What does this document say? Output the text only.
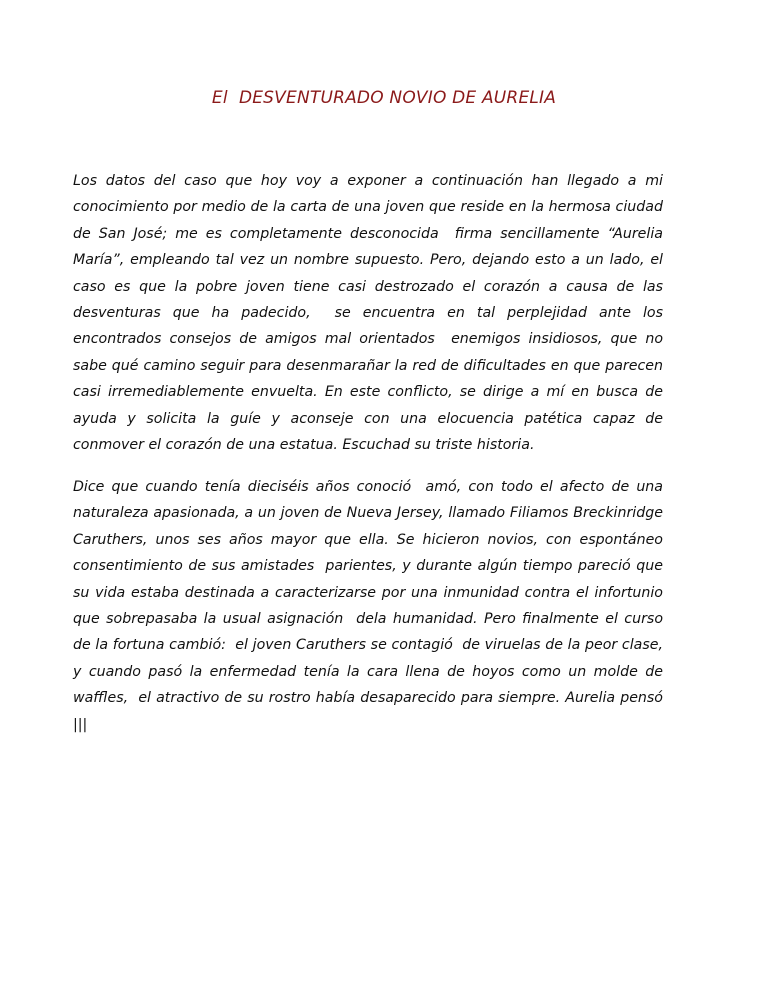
El  DESVENTURADO NOVIO DE AURELIA

Los datos del caso que hoy voy a exponer a continuación han llegado a mi conocimiento por medio de la carta de una joven que reside en la hermosa ciudad de San José; me es completamente desconocida  firma sencillamente “Aurelia María”, empleando tal vez un nombre supuesto. Pero, dejando esto a un lado, el caso es que la pobre joven tiene casi destrozado el corazón a causa de las desventuras que ha padecido,  se encuentra en tal perplejidad ante los encontrados consejos de amigos mal orientados  enemigos insidiosos, que no sabe qué camino seguir para desenmarañar la red de dificultades en que parecen casi irremediablemente envuelta. En este conflicto, se dirige a mí en busca de ayuda y solicita la guíe y aconseje con una elocuencia patética capaz de conmover el corazón de una estatua. Escuchad su triste historia.

Dice que cuando tenía dieciséis años conoció  amó, con todo el afecto de una naturaleza apasionada, a un joven de Nueva Jersey, llamado Filiamos Breckinridge Caruthers, unos ses años mayor que ella. Se hicieron novios, con espontáneo consentimiento de sus amistades  parientes, y durante algún tiempo pareció que su vida estaba destinada a caracterizarse por una inmunidad contra el infortunio que sobrepasaba la usual asignación  dela humanidad. Pero finalmente el curso de la fortuna cambió:  el joven Caruthers se contagió  de viruelas de la peor clase, y cuando pasó la enfermedad tenía la cara llena de hoyos como un molde de waffles,  el atractivo de su rostro había desaparecido para siempre. Aurelia pensó |||
